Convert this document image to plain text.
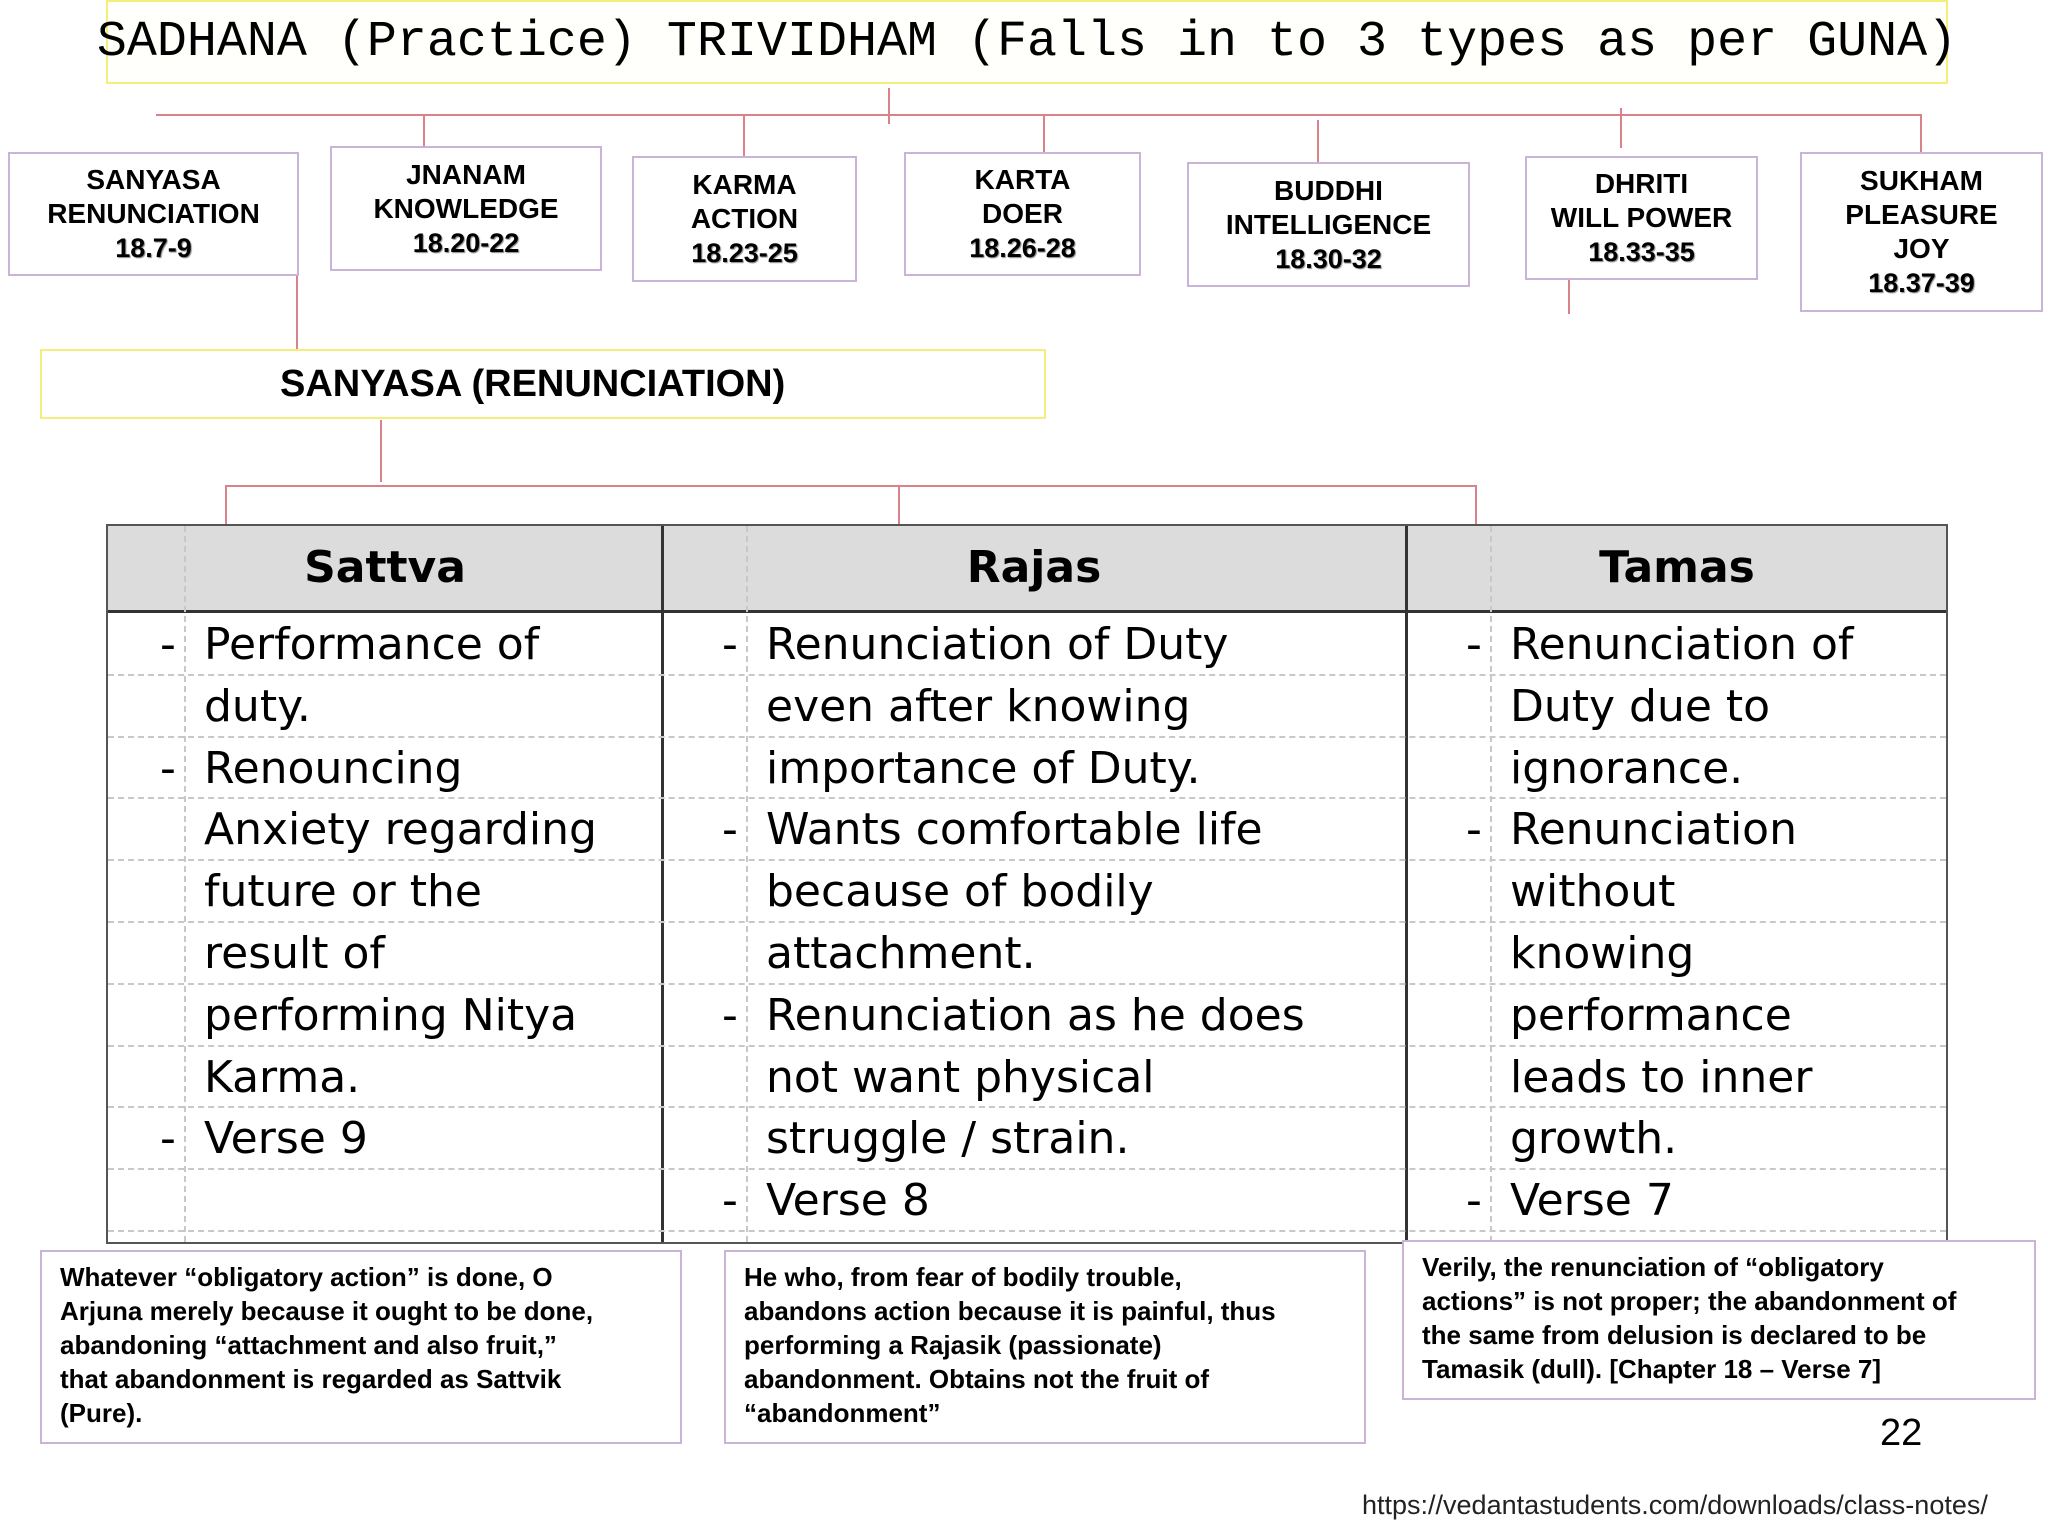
SADHANA (Practice) TRIVIDHAM (Falls in to 3 types as per GUNA)
SANYASA
RENUNCIATION
18.7-9
JNANAM
KNOWLEDGE
18.20-22
KARMA
ACTION
18.23-25
KARTA
DOER
18.26-28
BUDDHI
INTELLIGENCE
18.30-32
DHRITI
WILL POWER
18.33-35
SUKHAM
PLEASURE
JOY
18.37-39
SANYASA (RENUNCIATION)
Sattva	Rajas	Tamas
- Performance of
duty.
- Renouncing
Anxiety regarding
future or the
result of
performing Nitya
Karma.
- Verse 9
- Renunciation of Duty
even after knowing
importance of Duty.
- Wants comfortable life
because of bodily
attachment.
- Renunciation as he does
not want physical
struggle / strain.
- Verse 8
- Renunciation of
Duty due to
ignorance.
- Renunciation
without
knowing
performance
leads to inner
growth.
- Verse 7
Whatever “obligatory action” is done, O
Arjuna merely because it ought to be done,
abandoning “attachment and also fruit,”
that abandonment is regarded as Sattvik
(Pure).
He who, from fear of bodily trouble,
abandons action because it is painful, thus
performing a Rajasik (passionate)
abandonment. Obtains not the fruit of
“abandonment”
Verily, the renunciation of “obligatory
actions” is not proper; the abandonment of
the same from delusion is declared to be
Tamasik (dull). [Chapter 18 – Verse 7]
22
https://vedantastudents.com/downloads/class-notes/
